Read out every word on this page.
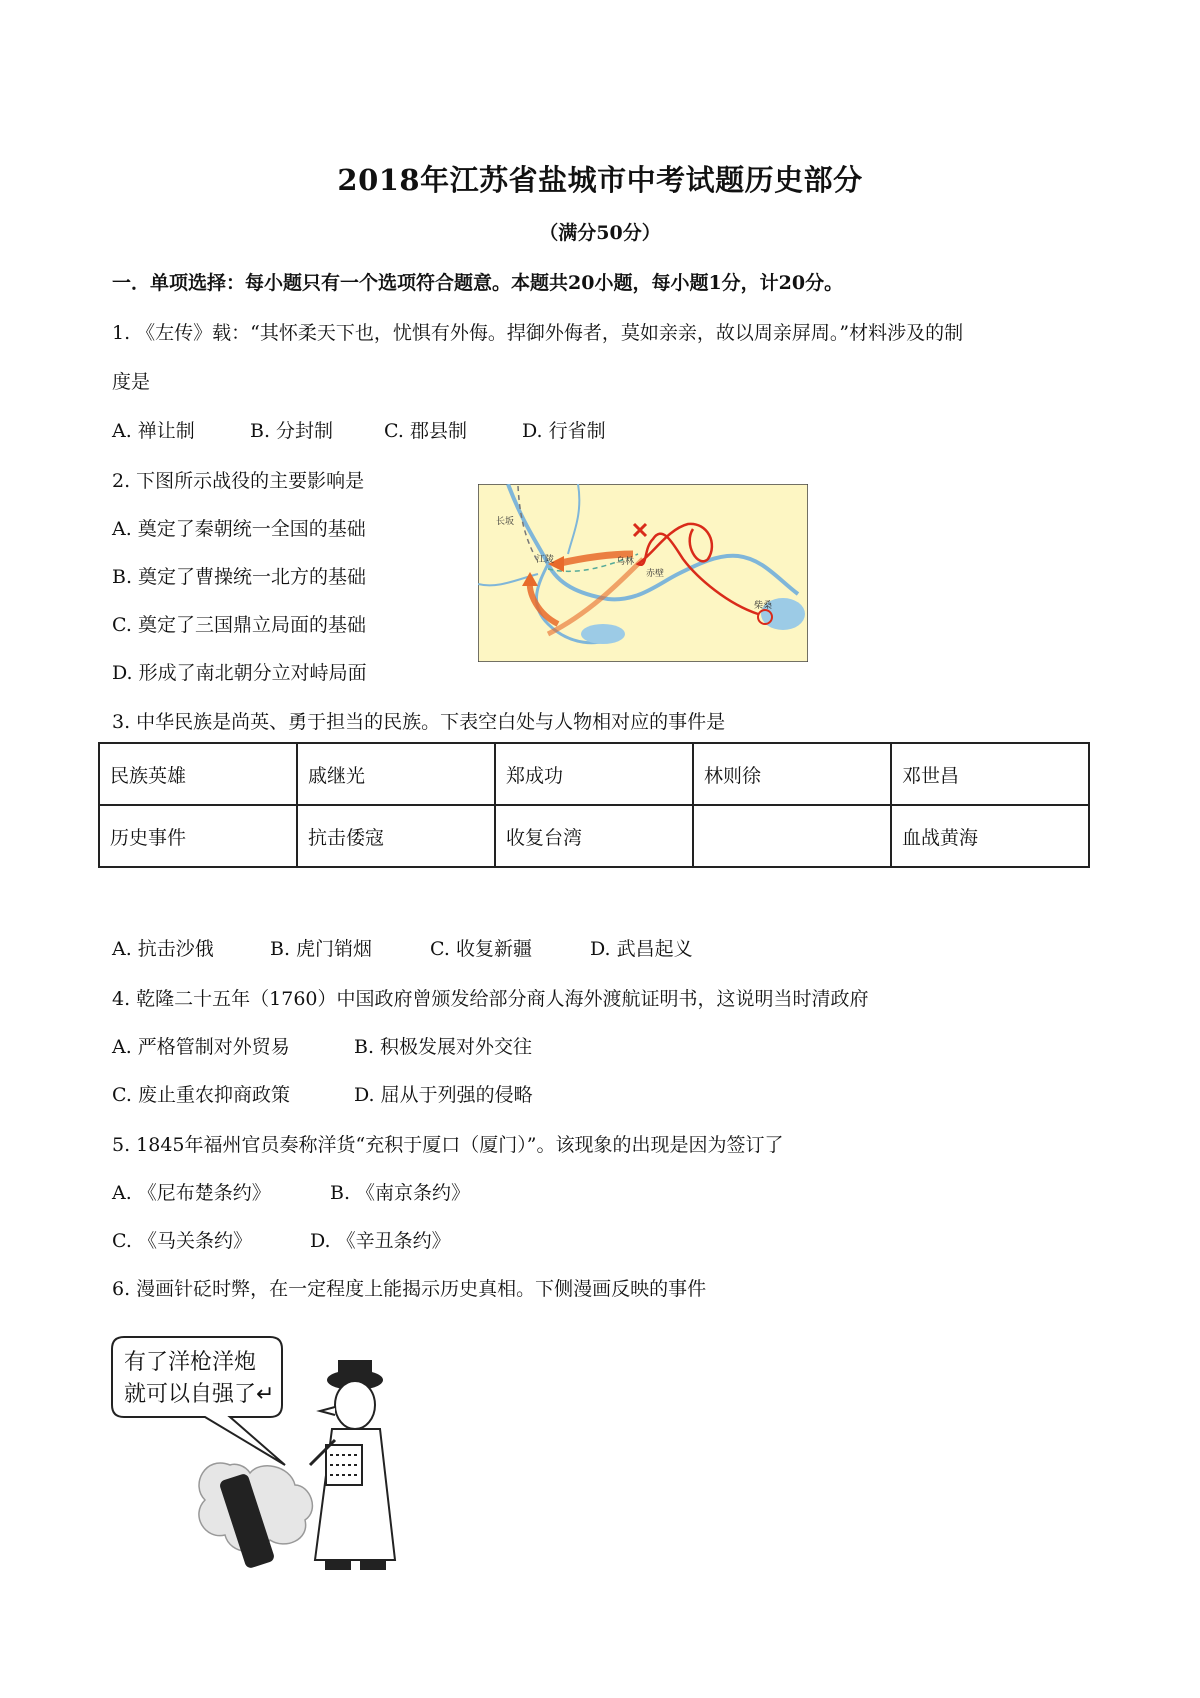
2018年江苏省盐城市中考试题历史部分
（满分50分）
一．单项选择：每小题只有一个选项符合题意。本题共20小题，每小题1分，计20分。
1. 《左传》载：“其怀柔天下也，忧惧有外侮。捍御外侮者，莫如亲亲，故以周亲屏周。”材料涉及的制
度是
A. 禅让制	B. 分封制	C. 郡县制	D. 行省制
2. 下图所示战役的主要影响是
A. 奠定了秦朝统一全国的基础
B. 奠定了曹操统一北方的基础
C. 奠定了三国鼎立局面的基础
D. 形成了南北朝分立对峙局面
长坂
江陵	乌林
赤壁
柴桑
3. 中华民族是尚英、勇于担当的民族。下表空白处与人物相对应的事件是
民族英雄	戚继光	郑成功	林则徐	邓世昌
历史事件	抗击倭寇	收复台湾		血战黄海
A. 抗击沙俄	B. 虎门销烟	C. 收复新疆	D. 武昌起义
4. 乾隆二十五年（1760）中国政府曾颁发给部分商人海外渡航证明书，这说明当时清政府
A. 严格管制对外贸易	B. 积极发展对外交往
C. 废止重农抑商政策	D. 屈从于列强的侵略
5. 1845年福州官员奏称洋货“充积于厦口（厦门）”。该现象的出现是因为签订了
A. 《尼布楚条约》	B. 《南京条约》
C. 《马关条约》	D. 《辛丑条约》
6. 漫画针砭时弊，在一定程度上能揭示历史真相。下侧漫画反映的事件
有了洋枪洋炮
就可以自强了↵
